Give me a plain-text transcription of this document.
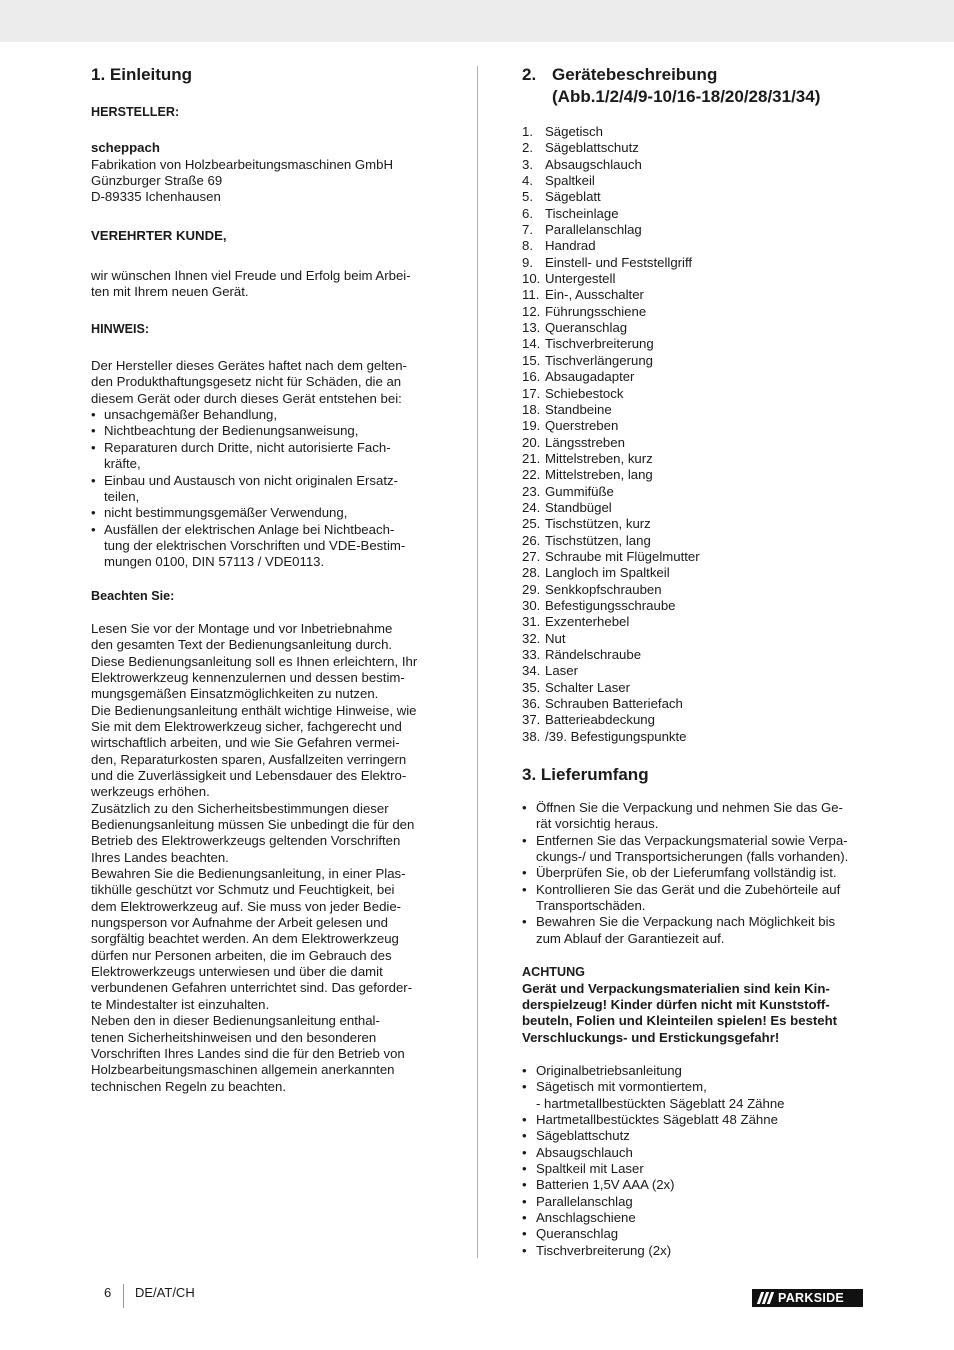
1. Einleitung
HERSTELLER:
scheppach
Fabrikation von Holzbearbeitungsmaschinen GmbH
Günzburger Straße 69
D-89335 Ichenhausen
VEREHRTER KUNDE,
wir wünschen Ihnen viel Freude und Erfolg beim Arbei-
ten mit Ihrem neuen Gerät.
HINWEIS:
Der Hersteller dieses Gerätes haftet nach dem gelten-
den Produkthaftungsgesetz nicht für Schäden, die an
diesem Gerät oder durch dieses Gerät entstehen bei:
• unsachgemäßer Behandlung,
• Nichtbeachtung der Bedienungsanweisung,
• Reparaturen durch Dritte, nicht autorisierte Fach-
kräfte,
• Einbau und Austausch von nicht originalen Ersatz-
teilen,
• nicht bestimmungsgemäßer Verwendung,
• Ausfällen der elektrischen Anlage bei Nichtbeach-
tung der elektrischen Vorschriften und VDE-Bestim-
mungen 0100, DIN 57113 / VDE0113.
Beachten Sie:
Lesen Sie vor der Montage und vor Inbetriebnahme
den gesamten Text der Bedienungsanleitung durch.
Diese Bedienungsanleitung soll es Ihnen erleichtern, Ihr
Elektrowerkzeug kennenzulernen und dessen bestim-
mungsgemäßen Einsatzmöglichkeiten zu nutzen.
Die Bedienungsanleitung enthält wichtige Hinweise, wie
Sie mit dem Elektrowerkzeug sicher, fachgerecht und
wirtschaftlich arbeiten, und wie Sie Gefahren vermei-
den, Reparaturkosten sparen, Ausfallzeiten verringern
und die Zuverlässigkeit und Lebensdauer des Elektro-
werkzeugs erhöhen.
Zusätzlich zu den Sicherheitsbestimmungen dieser
Bedienungsanleitung müssen Sie unbedingt die für den
Betrieb des Elektrowerkzeugs geltenden Vorschriften
Ihres Landes beachten.
Bewahren Sie die Bedienungsanleitung, in einer Plas-
tikhülle geschützt vor Schmutz und Feuchtigkeit, bei
dem Elektrowerkzeug auf. Sie muss von jeder Bedie-
nungsperson vor Aufnahme der Arbeit gelesen und
sorgfältig beachtet werden. An dem Elektrowerkzeug
dürfen nur Personen arbeiten, die im Gebrauch des
Elektrowerkzeugs unterwiesen und über die damit
verbundenen Gefahren unterrichtet sind. Das geforder-
te Mindestalter ist einzuhalten.
Neben den in dieser Bedienungsanleitung enthal-
tenen Sicherheitshinweisen und den besonderen
Vorschriften Ihres Landes sind die für den Betrieb von
Holzbearbeitungsmaschinen allgemein anerkannten
technischen Regeln zu beachten.
2. Gerätebeschreibung
(Abb.1/2/4/9-10/16-18/20/28/31/34)
1. Sägetisch
2. Sägeblattschutz
3. Absaugschlauch
4. Spaltkeil
5. Sägeblatt
6. Tischeinlage
7. Parallelanschlag
8. Handrad
9. Einstell- und Feststellgriff
10. Untergestell
11. Ein-, Ausschalter
12. Führungsschiene
13. Queranschlag
14. Tischverbreiterung
15. Tischverlängerung
16. Absaugadapter
17. Schiebestock
18. Standbeine
19. Querstreben
20. Längsstreben
21. Mittelstreben, kurz
22. Mittelstreben, lang
23. Gummifüße
24. Standbügel
25. Tischstützen, kurz
26. Tischstützen, lang
27. Schraube mit Flügelmutter
28. Langloch im Spaltkeil
29. Senkkopfschrauben
30. Befestigungsschraube
31. Exzenterhebel
32. Nut
33. Rändelschraube
34. Laser
35. Schalter Laser
36. Schrauben Batteriefach
37. Batterieabdeckung
38. /39. Befestigungspunkte
3. Lieferumfang
• Öffnen Sie die Verpackung und nehmen Sie das Ge-
rät vorsichtig heraus.
• Entfernen Sie das Verpackungsmaterial sowie Verpa-
ckungs-/ und Transportsicherungen (falls vorhanden).
• Überprüfen Sie, ob der Lieferumfang vollständig ist.
• Kontrollieren Sie das Gerät und die Zubehörteile auf
Transportschäden.
• Bewahren Sie die Verpackung nach Möglichkeit bis
zum Ablauf der Garantiezeit auf.
ACHTUNG
Gerät und Verpackungsmaterialien sind kein Kin-
derspielzeug! Kinder dürfen nicht mit Kunststoff-
beuteln, Folien und Kleinteilen spielen! Es besteht
Verschluckungs- und Erstickungsgefahr!
• Originalbetriebsanleitung
• Sägetisch mit vormontiertem,
- hartmetallbestückten Sägeblatt 24 Zähne
• Hartmetallbestücktes Sägeblatt 48 Zähne
• Sägeblattschutz
• Absaugschlauch
• Spaltkeil mit Laser
• Batterien 1,5V AAA (2x)
• Parallelanschlag
• Anschlagschiene
• Queranschlag
• Tischverbreiterung (2x)
6 DE/AT/CH	PARKSIDE
